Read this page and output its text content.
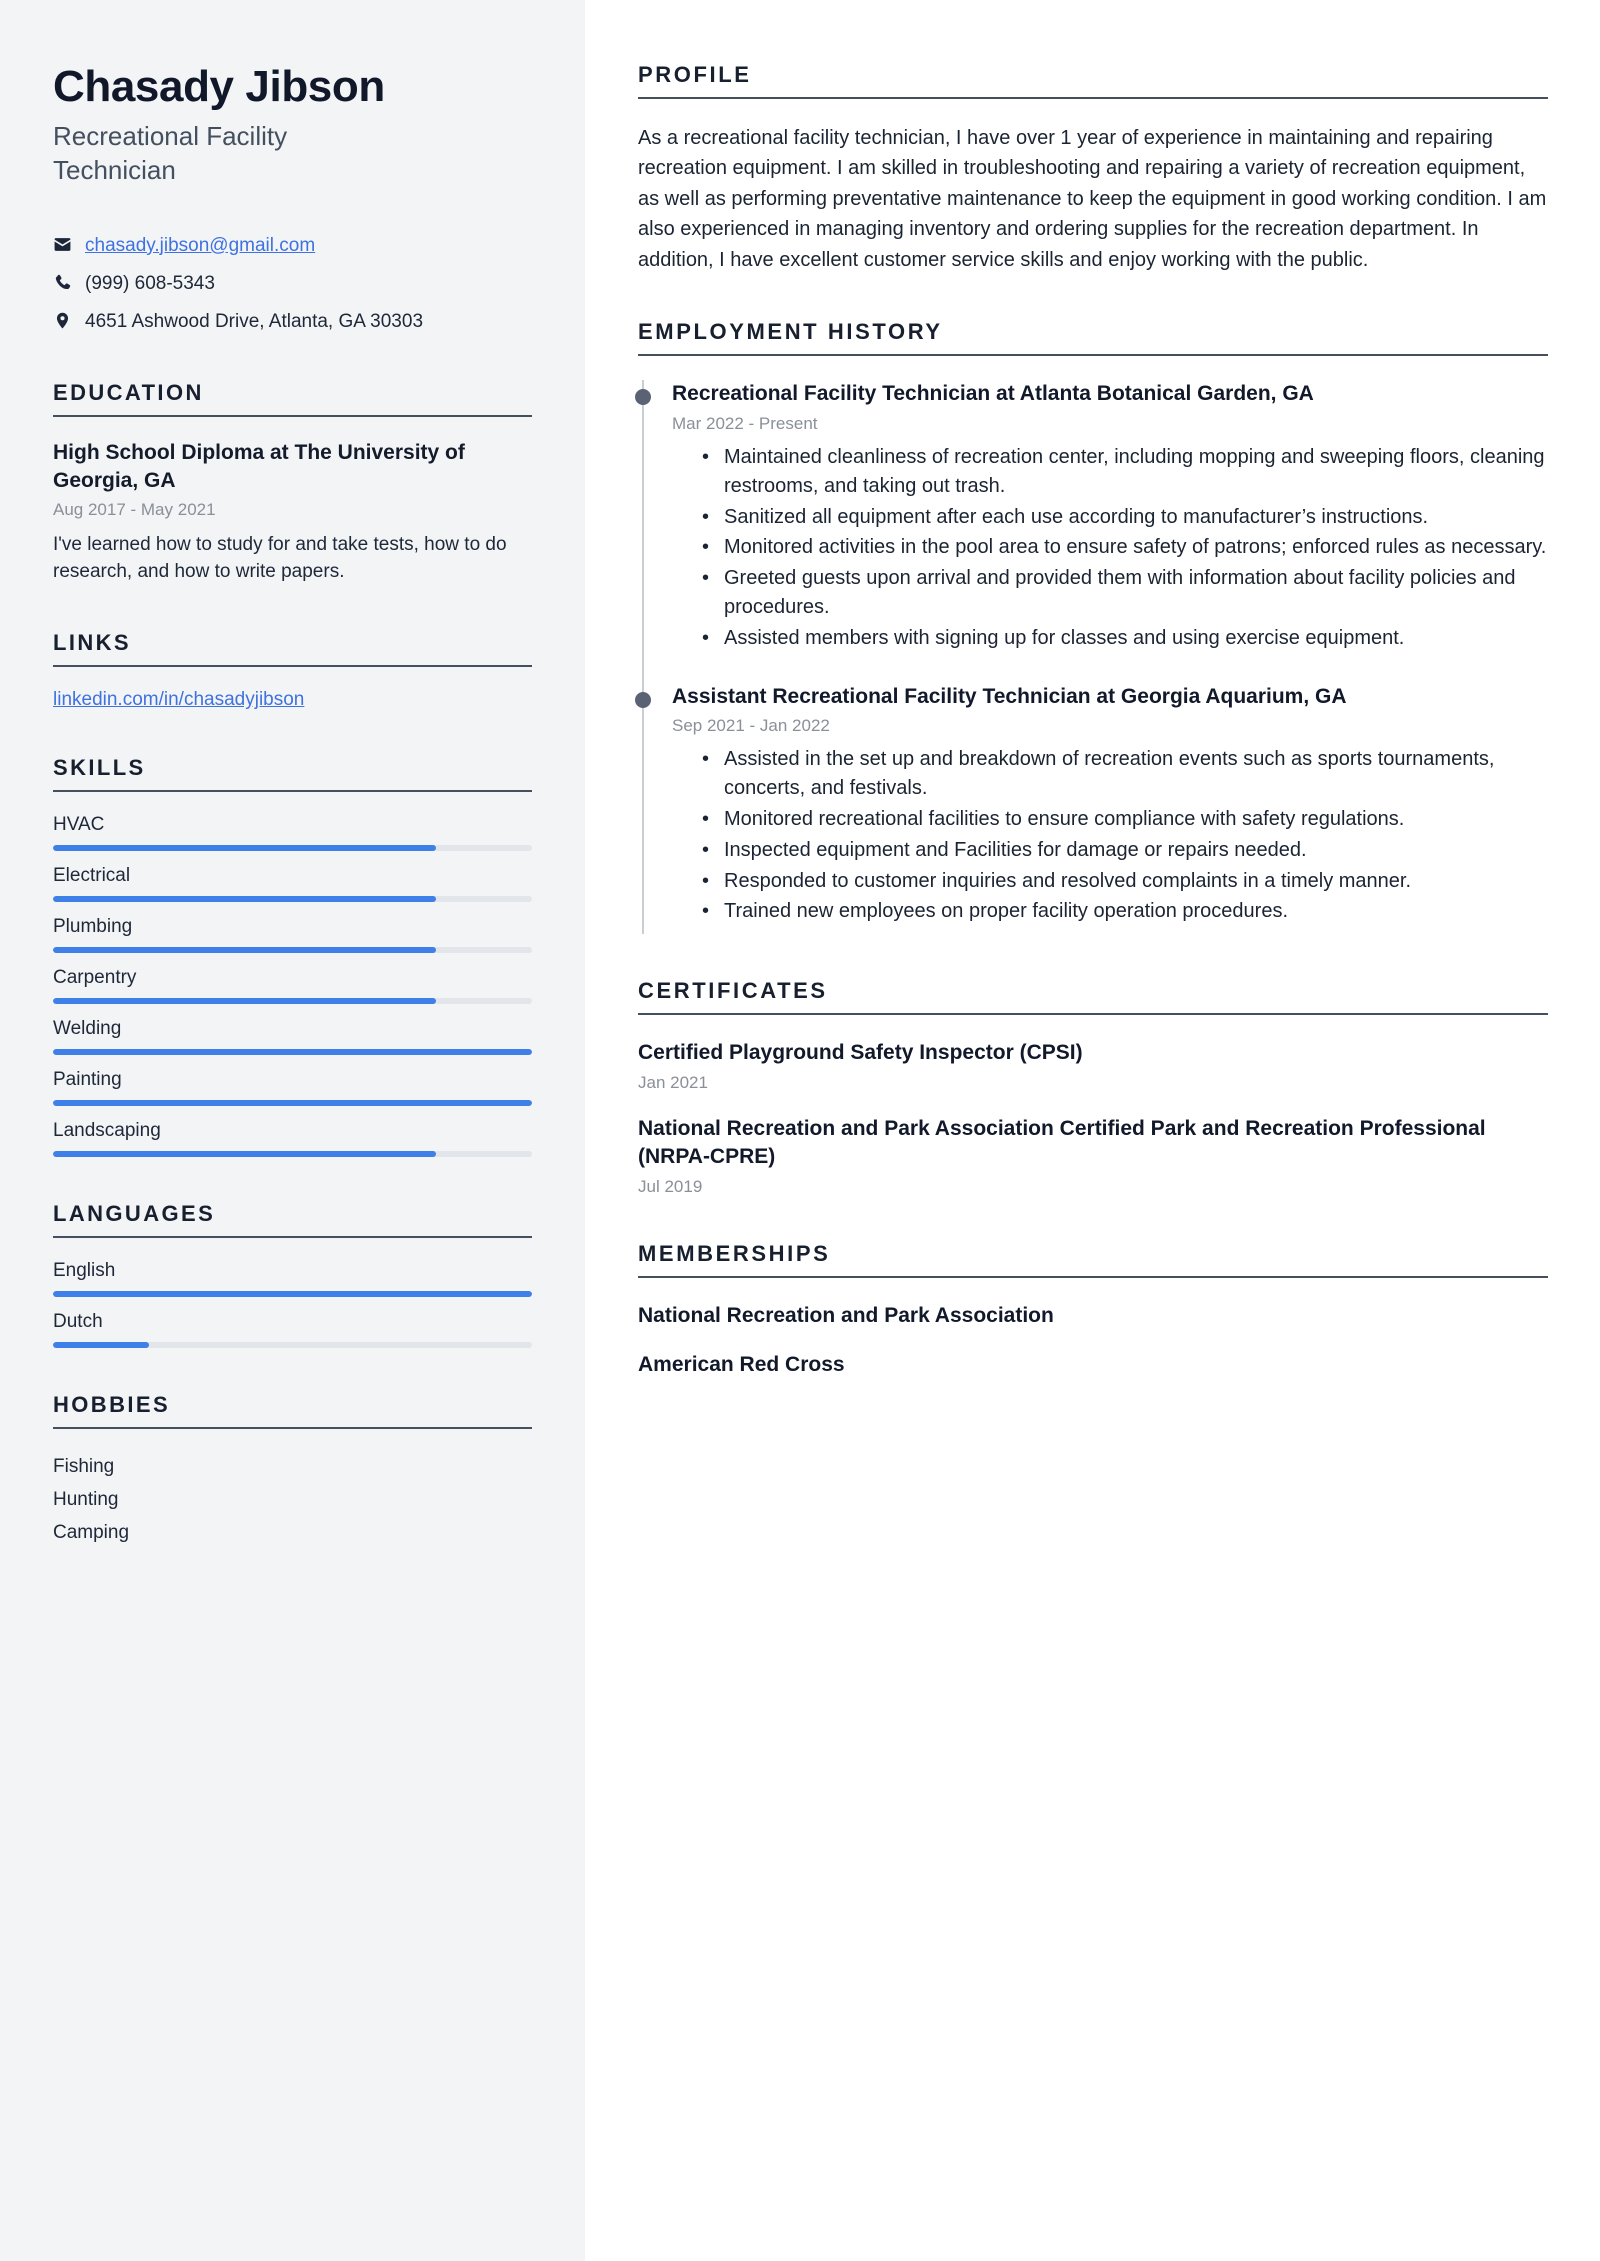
Chasady Jibson
Recreational Facility Technician
chasady.jibson@gmail.com
(999) 608-5343
4651 Ashwood Drive, Atlanta, GA 30303
EDUCATION
High School Diploma at The University of Georgia, GA
Aug 2017 - May 2021
I've learned how to study for and take tests, how to do research, and how to write papers.
LINKS
linkedin.com/in/chasadyjibson
SKILLS
HVAC
Electrical
Plumbing
Carpentry
Welding
Painting
Landscaping
LANGUAGES
English
Dutch
HOBBIES
Fishing
Hunting
Camping
PROFILE

As a recreational facility technician, I have over 1 year of experience in maintaining and repairing recreation equipment. I am skilled in troubleshooting and repairing a variety of recreation equipment, as well as performing preventative maintenance to keep the equipment in good working condition. I am also experienced in managing inventory and ordering supplies for the recreation department. In addition, I have excellent customer service skills and enjoy working with the public.

EMPLOYMENT HISTORY
Recreational Facility Technician at Atlanta Botanical Garden, GA
Mar 2022 - Present
• Maintained cleanliness of recreation center, including mopping and sweeping floors, cleaning restrooms, and taking out trash.
• Sanitized all equipment after each use according to manufacturer’s instructions.
• Monitored activities in the pool area to ensure safety of patrons; enforced rules as necessary.
• Greeted guests upon arrival and provided them with information about facility policies and procedures.
• Assisted members with signing up for classes and using exercise equipment.
Assistant Recreational Facility Technician at Georgia Aquarium, GA
Sep 2021 - Jan 2022
• Assisted in the set up and breakdown of recreation events such as sports tournaments, concerts, and festivals.
• Monitored recreational facilities to ensure compliance with safety regulations.
• Inspected equipment and Facilities for damage or repairs needed.
• Responded to customer inquiries and resolved complaints in a timely manner.
• Trained new employees on proper facility operation procedures.
CERTIFICATES
Certified Playground Safety Inspector (CPSI)
Jan 2021
National Recreation and Park Association Certified Park and Recreation Professional (NRPA-CPRE)
Jul 2019
MEMBERSHIPS
National Recreation and Park Association
American Red Cross
